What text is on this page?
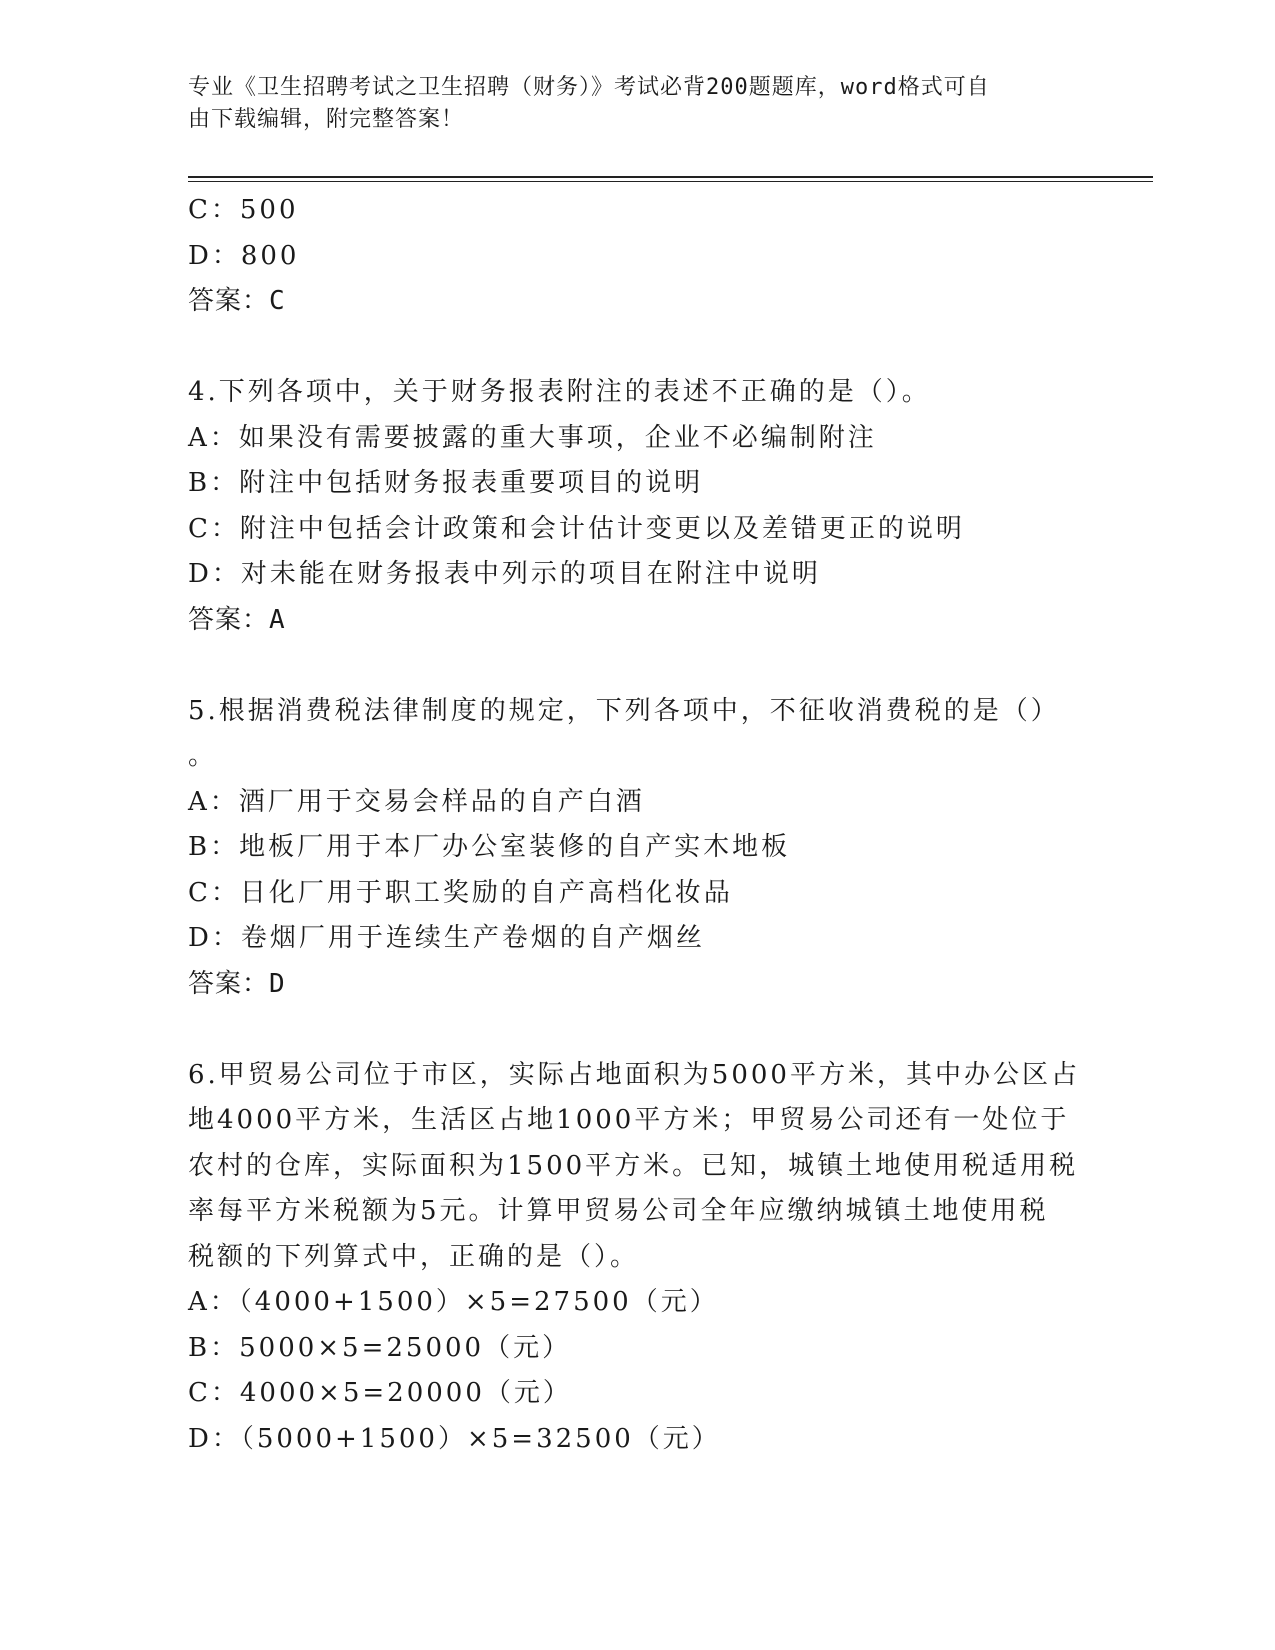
专业《卫生招聘考试之卫生招聘（财务）》考试必背200题题库，word格式可自
由下载编辑，附完整答案！
C：500
D：800
答案：C
4.下列各项中，关于财务报表附注的表述不正确的是（）。
A：如果没有需要披露的重大事项，企业不必编制附注
B：附注中包括财务报表重要项目的说明
C：附注中包括会计政策和会计估计变更以及差错更正的说明
D：对未能在财务报表中列示的项目在附注中说明
答案：A
5.根据消费税法律制度的规定，下列各项中，不征收消费税的是（）
。
A：酒厂用于交易会样品的自产白酒
B：地板厂用于本厂办公室装修的自产实木地板
C：日化厂用于职工奖励的自产高档化妆品
D：卷烟厂用于连续生产卷烟的自产烟丝
答案：D
6.甲贸易公司位于市区，实际占地面积为5000平方米，其中办公区占
地4000平方米，生活区占地1000平方米；甲贸易公司还有一处位于
农村的仓库，实际面积为1500平方米。已知，城镇土地使用税适用税
率每平方米税额为5元。计算甲贸易公司全年应缴纳城镇土地使用税
税额的下列算式中，正确的是（）。
A：（4000+1500）×5=27500（元）
B：5000×5=25000（元）
C：4000×5=20000（元）
D：（5000+1500）×5=32500（元）
